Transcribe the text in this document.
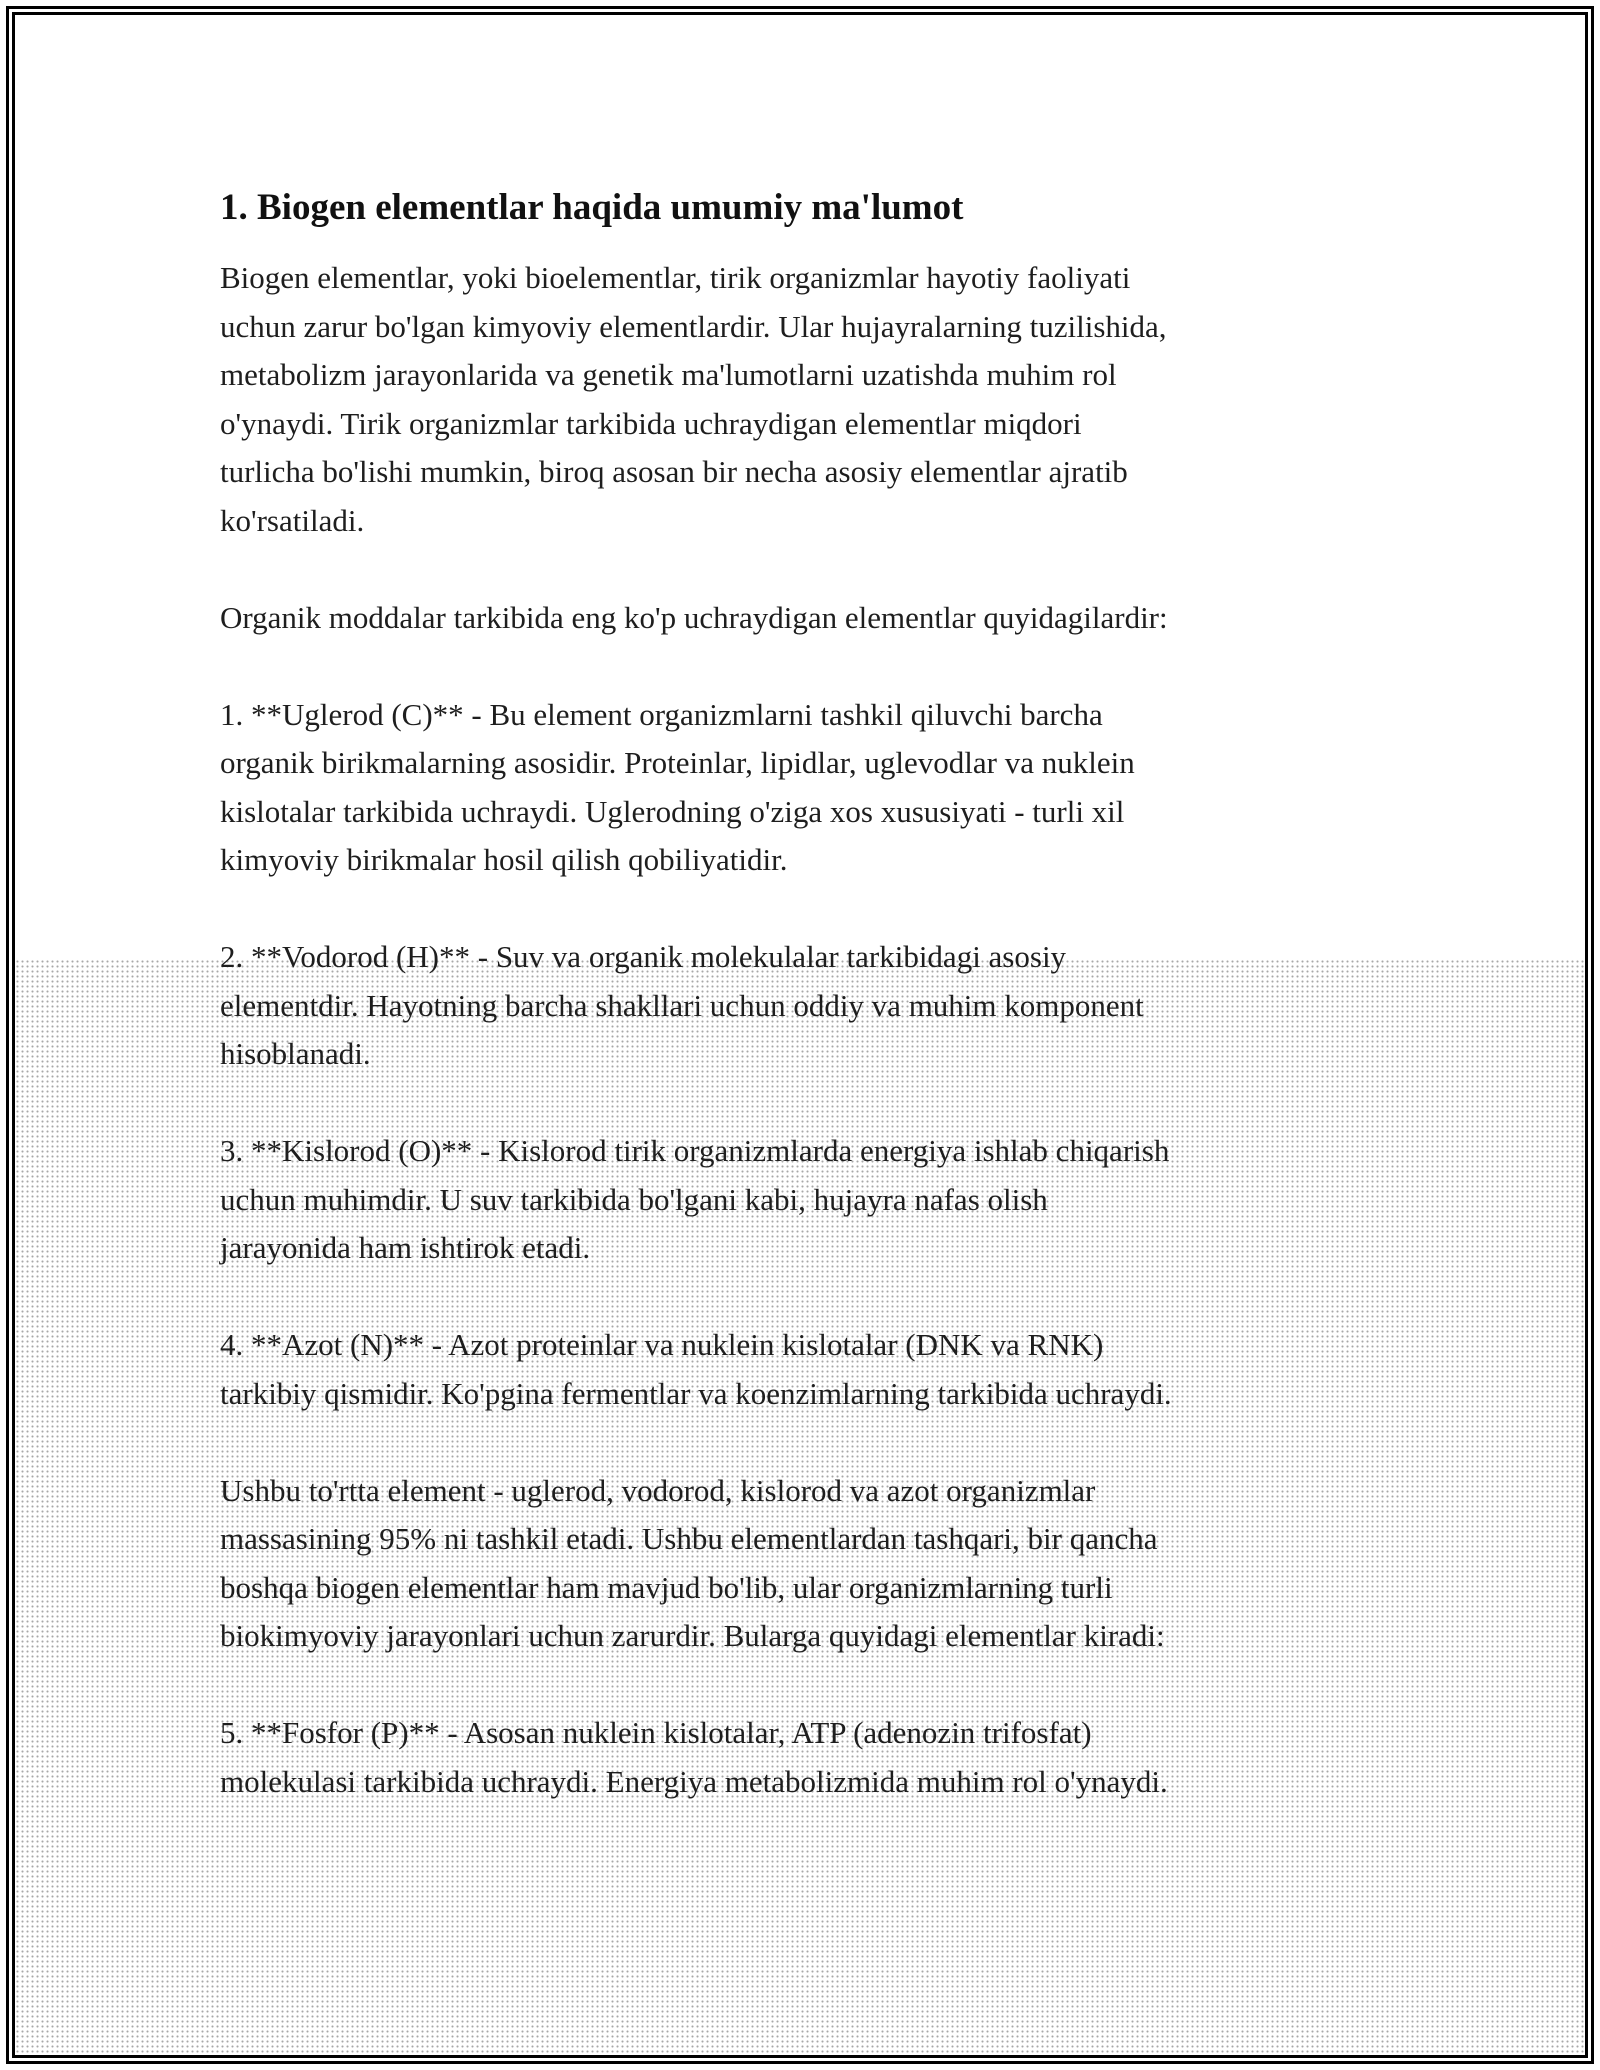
1. Biogen elementlar haqida umumiy ma'lumot

Biogen elementlar, yoki bioelementlar, tirik organizmlar hayotiy faoliyati
uchun zarur bo'lgan kimyoviy elementlardir. Ular hujayralarning tuzilishida,
metabolizm jarayonlarida va genetik ma'lumotlarni uzatishda muhim rol
o'ynaydi. Tirik organizmlar tarkibida uchraydigan elementlar miqdori
turlicha bo'lishi mumkin, biroq asosan bir necha asosiy elementlar ajratib
ko'rsatiladi.

Organik moddalar tarkibida eng ko'p uchraydigan elementlar quyidagilardir:

1. **Uglerod (C)** - Bu element organizmlarni tashkil qiluvchi barcha
organik birikmalarning asosidir. Proteinlar, lipidlar, uglevodlar va nuklein
kislotalar tarkibida uchraydi. Uglerodning o'ziga xos xususiyati - turli xil
kimyoviy birikmalar hosil qilish qobiliyatidir.

2. **Vodorod (H)** - Suv va organik molekulalar tarkibidagi asosiy
elementdir. Hayotning barcha shakllari uchun oddiy va muhim komponent
hisoblanadi.

3. **Kislorod (O)** - Kislorod tirik organizmlarda energiya ishlab chiqarish
uchun muhimdir. U suv tarkibida bo'lgani kabi, hujayra nafas olish
jarayonida ham ishtirok etadi.

4. **Azot (N)** - Azot proteinlar va nuklein kislotalar (DNK va RNK)
tarkibiy qismidir. Ko'pgina fermentlar va koenzimlarning tarkibida uchraydi.

Ushbu to'rtta element - uglerod, vodorod, kislorod va azot organizmlar
massasining 95% ni tashkil etadi. Ushbu elementlardan tashqari, bir qancha
boshqa biogen elementlar ham mavjud bo'lib, ular organizmlarning turli
biokimyoviy jarayonlari uchun zarurdir. Bularga quyidagi elementlar kiradi:

5. **Fosfor (P)** - Asosan nuklein kislotalar, ATP (adenozin trifosfat)
molekulasi tarkibida uchraydi. Energiya metabolizmida muhim rol o'ynaydi.
